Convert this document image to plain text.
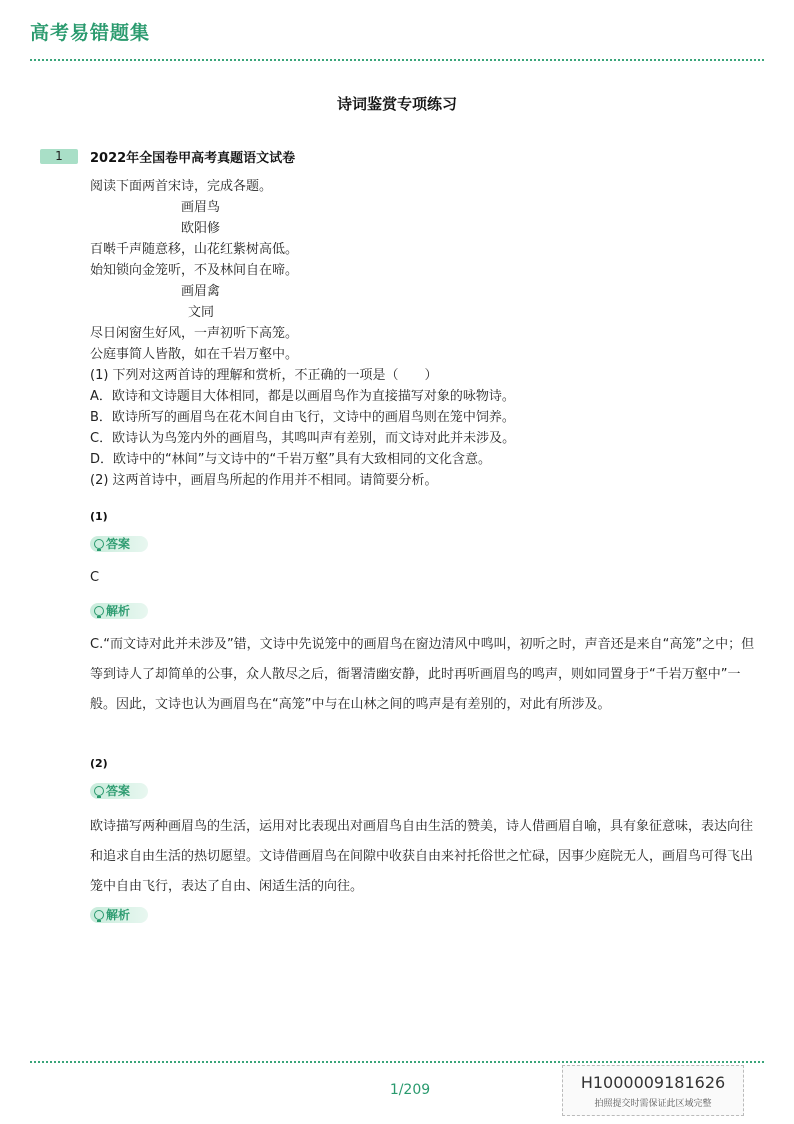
高考易错题集
诗词鉴赏专项练习
1	2022年全国卷甲高考真题语文试卷
阅读下面两首宋诗，完成各题。
画眉鸟
欧阳修
百啭千声随意移，山花红紫树高低。
始知锁向金笼听，不及林间自在啼。
画眉禽
文同
尽日闲窗生好风，一声初听下高笼。
公庭事简人皆散，如在千岩万壑中。
(1) 下列对这两首诗的理解和赏析，不正确的一项是（　　）
A．欧诗和文诗题目大体相同，都是以画眉鸟作为直接描写对象的咏物诗。
B．欧诗所写的画眉鸟在花木间自由飞行，文诗中的画眉鸟则在笼中饲养。
C．欧诗认为鸟笼内外的画眉鸟，其鸣叫声有差别，而文诗对此并未涉及。
D．欧诗中的“林间”与文诗中的“千岩万壑”具有大致相同的文化含意。
(2) 这两首诗中，画眉鸟所起的作用并不相同。请简要分析。
(1)
答案
C
解析
C.“而文诗对此并未涉及”错，文诗中先说笼中的画眉鸟在窗边清风中鸣叫，初听之时，声音还是来自“高笼”之中；但等到诗人了却简单的公事，众人散尽之后，衙署清幽安静，此时再听画眉鸟的鸣声，则如同置身于“千岩万壑中”一般。因此，文诗也认为画眉鸟在“高笼”中与在山林之间的鸣声是有差别的，对此有所涉及。
(2)
答案
欧诗描写两种画眉鸟的生活，运用对比表现出对画眉鸟自由生活的赞美，诗人借画眉自喻，具有象征意味，表达向往和追求自由生活的热切愿望。文诗借画眉鸟在间隙中收获自由来衬托俗世之忙碌，因事少庭院无人，画眉鸟可得飞出笼中自由飞行，表达了自由、闲适生活的向往。
解析
1/209	H1000009181626
拍照提交时需保证此区域完整
